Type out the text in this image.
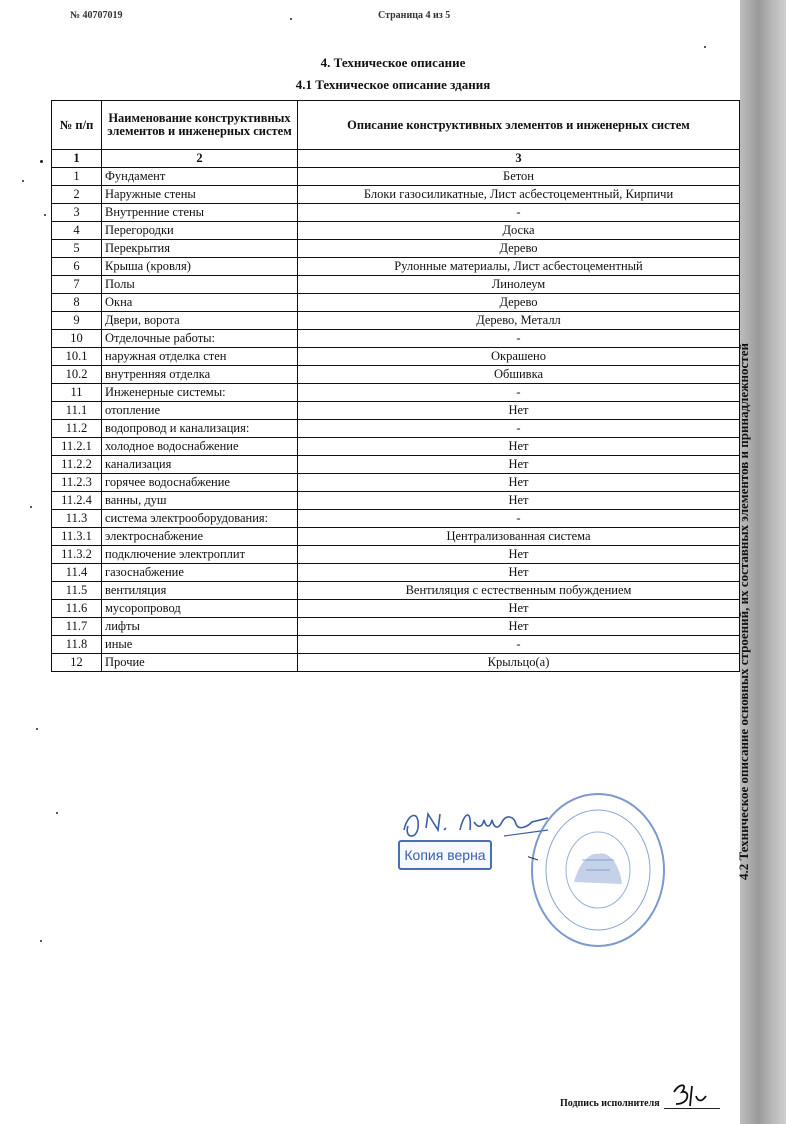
4.2 Техническое описание основных строений, их составных элементов и принадлежностей
№ 40707019	Страница 4 из 5
4. Техническое описание
4.1 Техническое описание здания
№ п/п	Наименование конструктивных элементов и инженерных систем	Описание конструктивных элементов и инженерных систем
1	2	3
1	Фундамент	Бетон
2	Наружные стены	Блоки газосиликатные, Лист асбестоцементный, Кирпичи
3	Внутренние стены	-
4	Перегородки	Доска
5	Перекрытия	Дерево
6	Крыша (кровля)	Рулонные материалы, Лист асбестоцементный
7	Полы	Линолеум
8	Окна	Дерево
9	Двери, ворота	Дерево, Металл
10	Отделочные работы:	-
10.1	наружная отделка стен	Окрашено
10.2	внутренняя отделка	Обшивка
11	Инженерные системы:	-
11.1	отопление	Нет
11.2	водопровод и канализация:	-
11.2.1	холодное водоснабжение	Нет
11.2.2	канализация	Нет
11.2.3	горячее водоснабжение	Нет
11.2.4	ванны, душ	Нет
11.3	система электрооборудования:	-
11.3.1	электроснабжение	Централизованная система
11.3.2	подключение электроплит	Нет
11.4	газоснабжение	Нет
11.5	вентиляция	Вентиляция с естественным побуждением
11.6	мусоропровод	Нет
11.7	лифты	Нет
11.8	иные	-
12	Прочие	Крыльцо(а)
Копия верна
Подпись исполнителя
